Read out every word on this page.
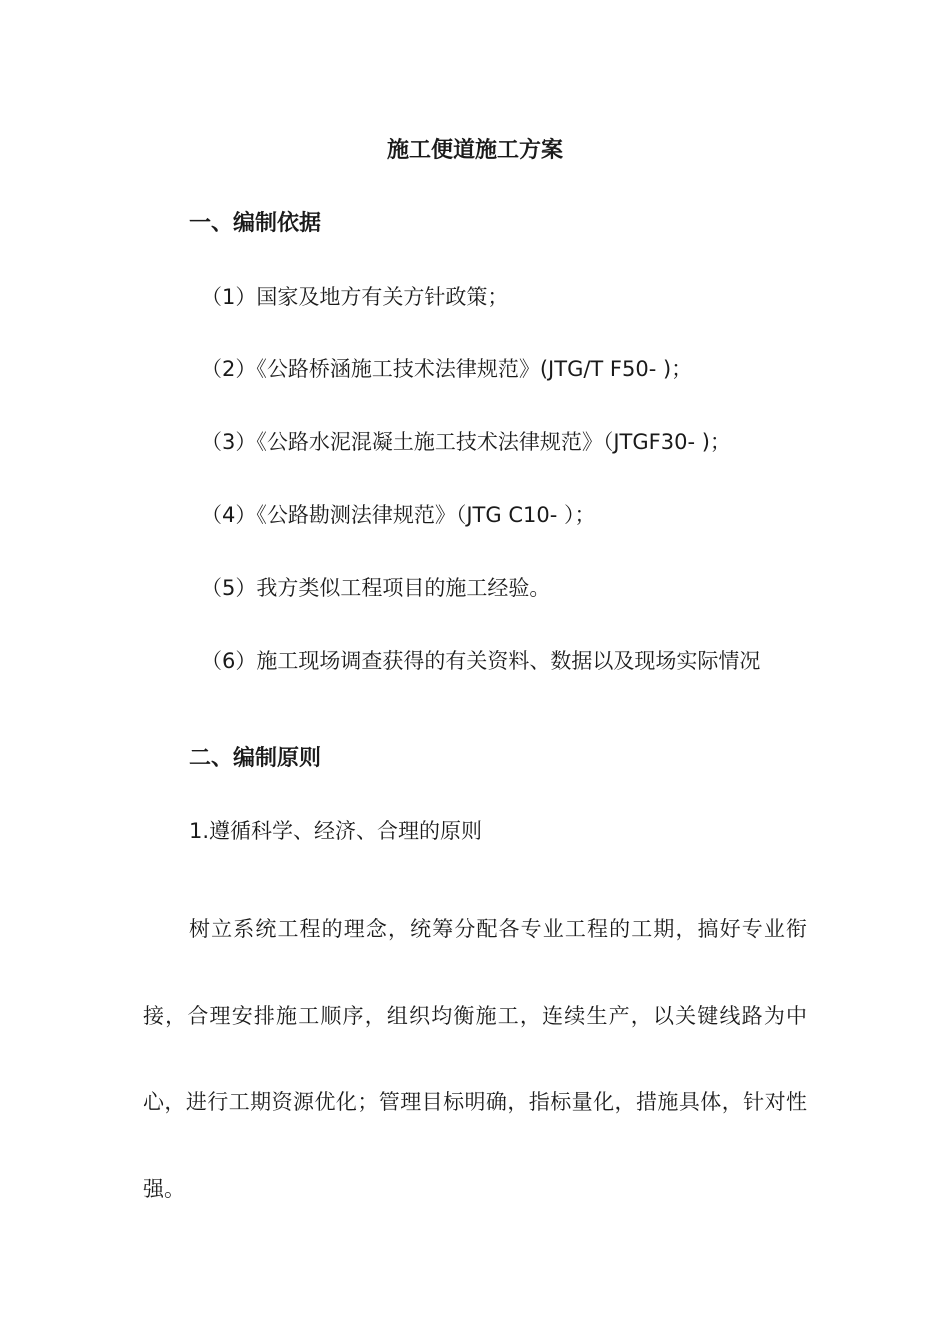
施工便道施工方案
一、编制依据
（1）国家及地方有关方针政策；
（2）《公路桥涵施工技术法律规范》(JTG/T F50- )；
（3）《公路水泥混凝土施工技术法律规范》（JTGF30- )；
（4）《公路勘测法律规范》（JTG C10- ）；
（5）我方类似工程项目的施工经验。
（6）施工现场调查获得的有关资料、数据以及现场实际情况
二、编制原则
1.遵循科学、经济、合理的原则
树立系统工程的理念，统筹分配各专业工程的工期，搞好专业衔接，合理安排施工顺序，组织均衡施工，连续生产，以关键线路为中心，进行工期资源优化；管理目标明确，指标量化，措施具体，针对性强。
